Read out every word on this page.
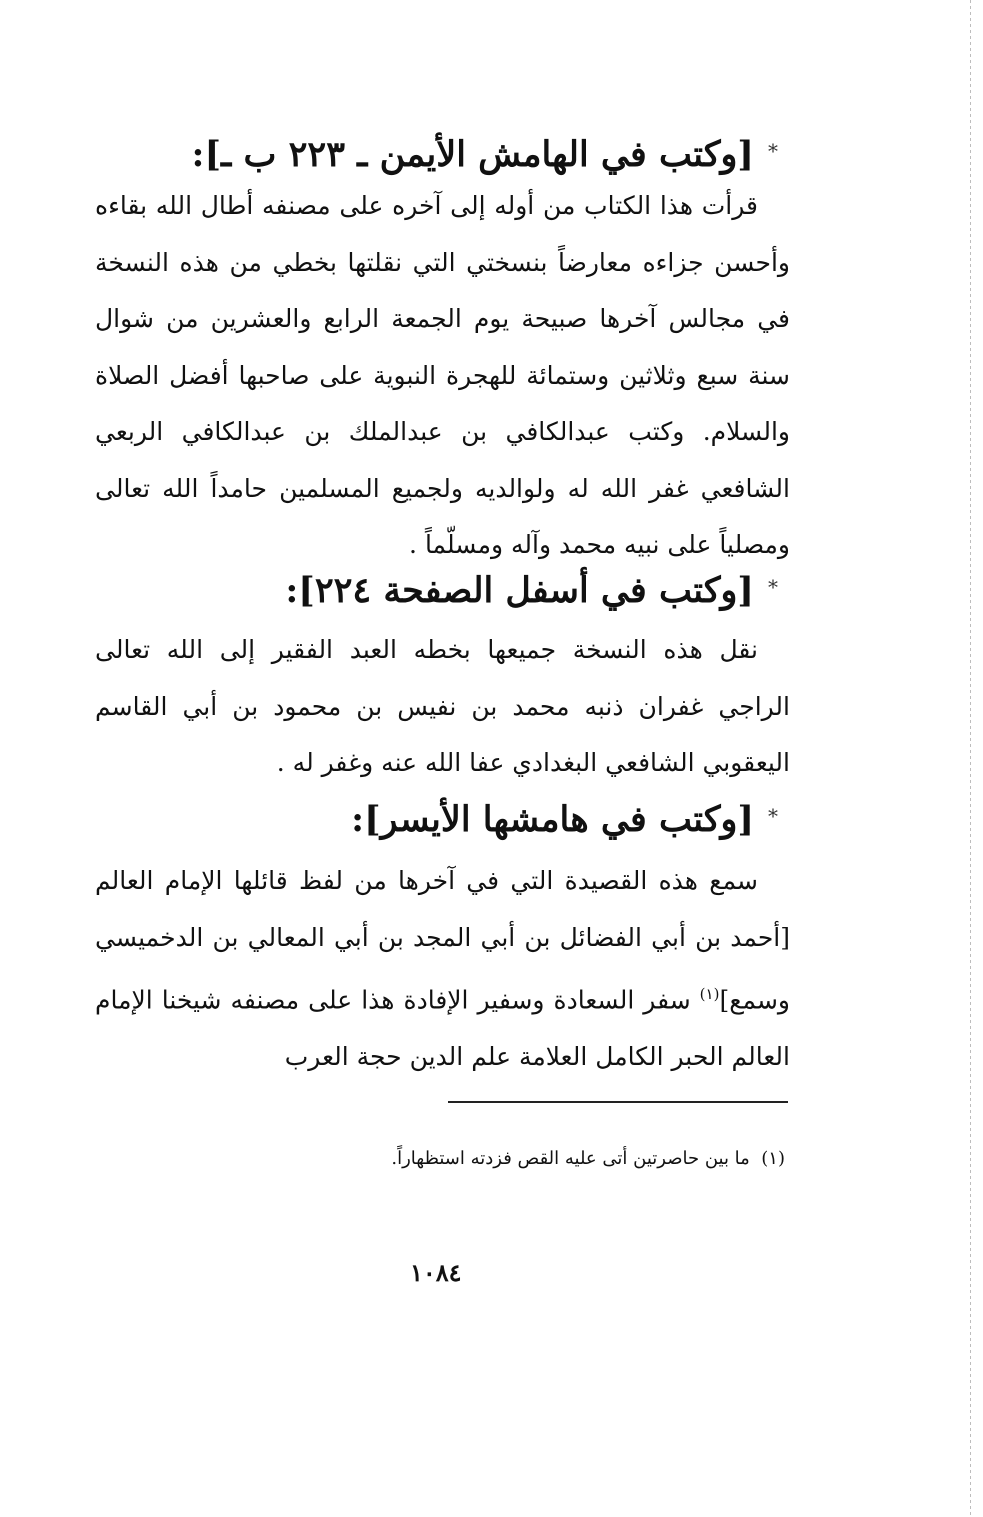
*[وكتب في الهامش الأيمن ـ ٢٢٣ ب ـ]:
قرأت هذا الكتاب من أوله إلى آخره على مصنفه أطال الله بقاءه وأحسن جزاءه معارضاً بنسختي التي نقلتها بخطي من هذه النسخة في مجالس آخرها صبيحة يوم الجمعة الرابع والعشرين من شوال سنة سبع وثلاثين وستمائة للهجرة النبوية على صاحبها أفضل الصلاة والسلام. وكتب عبدالكافي بن عبدالملك بن عبدالكافي الربعي الشافعي غفر الله له ولوالديه ولجميع المسلمين حامداً الله تعالى ومصلياً على نبيه محمد وآله ومسلّماً .
*[وكتب في أسفل الصفحة ٢٢٤]:
نقل هذه النسخة جميعها بخطه العبد الفقير إلى الله تعالى الراجي غفران ذنبه محمد بن نفيس بن محمود بن أبي القاسم اليعقوبي الشافعي البغدادي عفا الله عنه وغفر له .
*[وكتب في هامشها الأيسر]:
سمع هذه القصيدة التي في آخرها من لفظ قائلها الإمام العالم [أحمد بن أبي الفضائل بن أبي المجد بن أبي المعالي بن الدخميسي وسمع]$^{(١)}$ سفر السعادة وسفير الإفادة هذا على مصنفه شيخنا الإمام العالم الحبر الكامل العلامة علم الدين حجة العرب
(١)  ما بين حاصرتين أتى عليه القص فزدته استظهاراً.
١٠٨٤
